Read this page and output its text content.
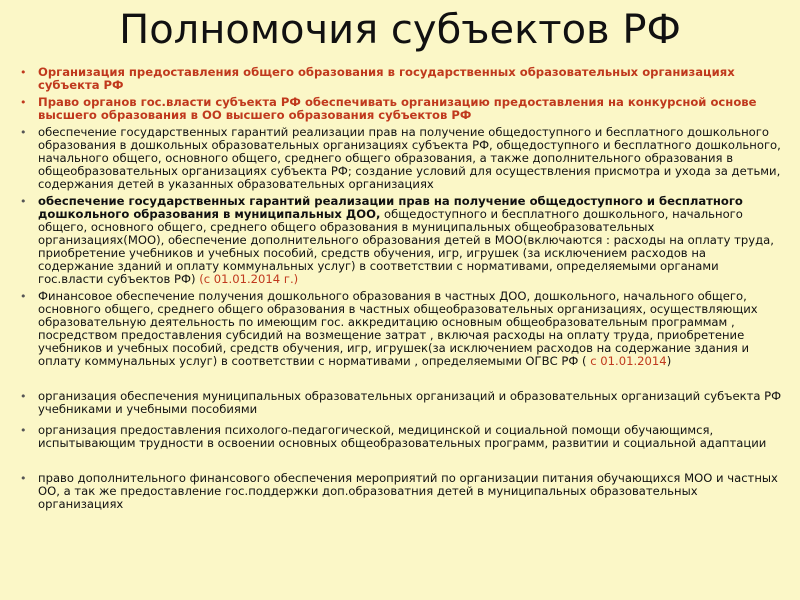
Полномочия субъектов РФ
• Организация предоставления общего образования в государственных образовательных организациях субъекта РФ
• Право органов гос.власти субъекта РФ обеспечивать организацию предоставления на конкурсной основе высшего образования в ОО высшего образования субъектов РФ
• обеспечение государственных гарантий реализации прав на получение общедоступного и бесплатного дошкольного образования в дошкольных образовательных организациях субъекта РФ, общедоступного и бесплатного дошкольного, начального общего, основного общего, среднего общего образования, а также дополнительного образования в общеобразовательных организациях субъекта РФ; создание условий для осуществления присмотра и ухода за детьми, содержания детей в указанных образовательных организациях
• обеспечение государственных гарантий реализации прав на получение общедоступного и бесплатного дошкольного образования в муниципальных ДОО, общедоступного и бесплатного дошкольного, начального общего, основного общего, среднего общего образования в муниципальных общеобразовательных организациях(МОО), обеспечение дополнительного образования детей в МОО(включаются : расходы на оплату труда, приобретение учебников и учебных пособий, средств обучения, игр, игрушек (за исключением расходов на содержание зданий и оплату коммунальных услуг) в соответствии с нормативами, определяемыми органами гос.власти субъектов РФ) (с 01.01.2014 г.)
• Финансовое обеспечение получения дошкольного образования в частных ДОО, дошкольного, начального общего, основного общего, среднего общего образования в частных общеобразовательных организациях, осуществляющих образовательную деятельность по имеющим гос. аккредитацию основным общеобразовательным программам , посредством предоставления субсидий на возмещение затрат , включая расходы на оплату труда, приобретение учебников и учебных пособий, средств обучения, игр, игрушек(за исключением расходов на содержание здания и оплату коммунальных услуг) в соответствии с нормативами , определяемыми ОГВС РФ ( с 01.01.2014)
• организация обеспечения муниципальных образовательных организаций и образовательных организаций субъекта РФ учебниками и учебными пособиями
• организация предоставления психолого-педагогической, медицинской и социальной помощи обучающимся, испытывающим трудности в освоении основных общеобразовательных программ, развитии и социальной адаптации
• право дополнительного финансового обеспечения мероприятий по организации питания обучающихся МОО и частных ОО, а так же предоставление гос.поддержки доп.образоватния детей в муниципальных образовательных организациях
